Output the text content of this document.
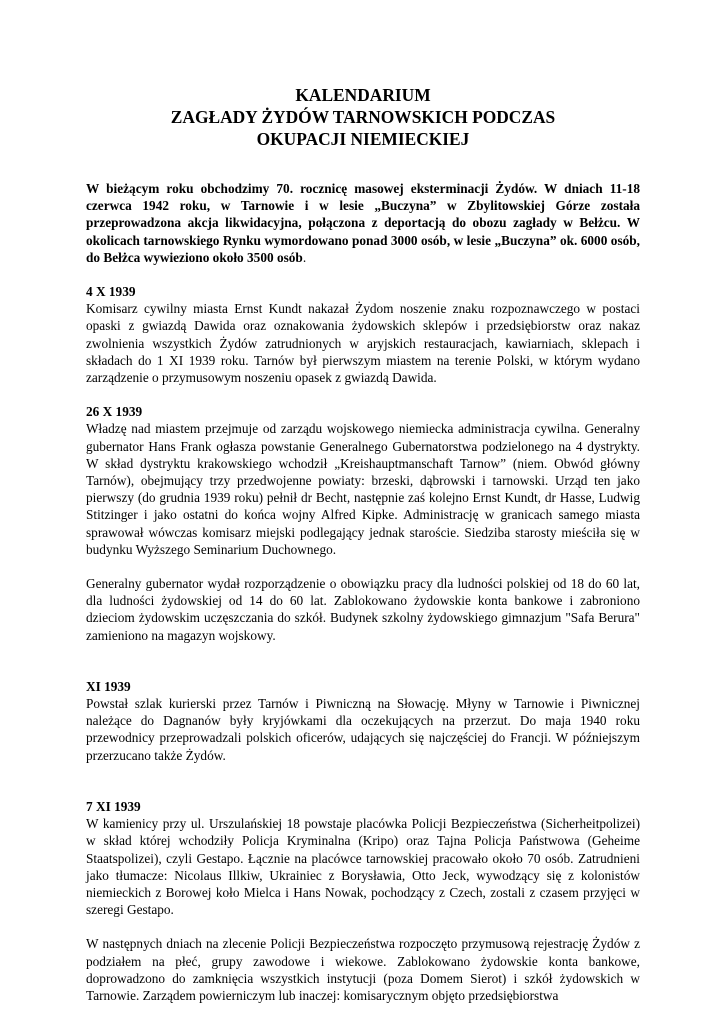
KALENDARIUM
ZAGŁADY ŻYDÓW TARNOWSKICH PODCZAS
OKUPACJI NIEMIECKIEJ

W bieżącym roku obchodzimy 70. rocznicę masowej eksterminacji Żydów. W dniach 11-18 czerwca 1942 roku, w Tarnowie i w lesie „Buczyna” w Zbylitowskiej Górze została przeprowadzona akcja likwidacyjna, połączona z deportacją do obozu zagłady w Bełżcu. W okolicach tarnowskiego Rynku wymordowano ponad 3000 osób, w lesie „Buczyna” ok. 6000 osób, do Bełżca wywieziono około 3500 osób.

4 X 1939

Komisarz cywilny miasta Ernst Kundt nakazał Żydom noszenie znaku rozpoznawczego w postaci opaski z gwiazdą Dawida oraz oznakowania żydowskich sklepów i przedsiębiorstw oraz nakaz zwolnienia wszystkich Żydów zatrudnionych w aryjskich restauracjach, kawiarniach, sklepach i składach do 1 XI 1939 roku. Tarnów był pierwszym miastem na terenie Polski, w którym wydano zarządzenie o przymusowym noszeniu opasek z gwiazdą Dawida.

26 X 1939

Władzę nad miastem przejmuje od zarządu wojskowego niemiecka administracja cywilna. Generalny gubernator Hans Frank ogłasza powstanie Generalnego Gubernatorstwa podzielonego na 4 dystrykty. W skład dystryktu krakowskiego wchodził „Kreishauptmanschaft Tarnow” (niem. Obwód główny Tarnów), obejmujący trzy przedwojenne powiaty: brzeski, dąbrowski i tarnowski. Urząd ten jako pierwszy (do grudnia 1939 roku) pełnił dr Becht, następnie zaś kolejno Ernst Kundt, dr Hasse, Ludwig Stitzinger i jako ostatni do końca wojny Alfred Kipke. Administrację w granicach samego miasta sprawował wówczas komisarz miejski podlegający jednak staroście. Siedziba starosty mieściła się w budynku Wyższego Seminarium Duchownego.

Generalny gubernator wydał rozporządzenie o obowiązku pracy dla ludności polskiej od 18 do 60 lat, dla ludności żydowskiej od 14 do 60 lat. Zablokowano żydowskie konta bankowe i zabroniono dzieciom żydowskim uczęszczania do szkół. Budynek szkolny żydowskiego gimnazjum "Safa Berura" zamieniono na magazyn wojskowy.

XI 1939

Powstał szlak kurierski przez Tarnów i Piwniczną na Słowację. Młyny w Tarnowie i Piwnicznej należące do Dagnanów były kryjówkami dla oczekujących na przerzut. Do maja 1940 roku przewodnicy przeprowadzali polskich oficerów, udających się najczęściej do Francji. W późniejszym przerzucano także Żydów.

7 XI 1939

W kamienicy przy ul. Urszulańskiej 18 powstaje placówka Policji Bezpieczeństwa (Sicherheitpolizei) w skład której wchodziły Policja Kryminalna (Kripo) oraz Tajna Policja Państwowa (Geheime Staatspolizei), czyli Gestapo. Łącznie na placówce tarnowskiej pracowało około 70 osób. Zatrudnieni jako tłumacze: Nicolaus Illkiw, Ukrainiec z Borysławia, Otto Jeck, wywodzący się z kolonistów niemieckich z Borowej koło Mielca i Hans Nowak, pochodzący z Czech, zostali z czasem przyjęci w szeregi Gestapo.

W następnych dniach na zlecenie Policji Bezpieczeństwa rozpoczęto przymusową rejestrację Żydów z podziałem na płeć, grupy zawodowe i wiekowe. Zablokowano żydowskie konta bankowe, doprowadzono do zamknięcia wszystkich instytucji (poza Domem Sierot) i szkół żydowskich w Tarnowie. Zarządem powierniczym lub inaczej: komisarycznym objęto przedsiębiorstwa
